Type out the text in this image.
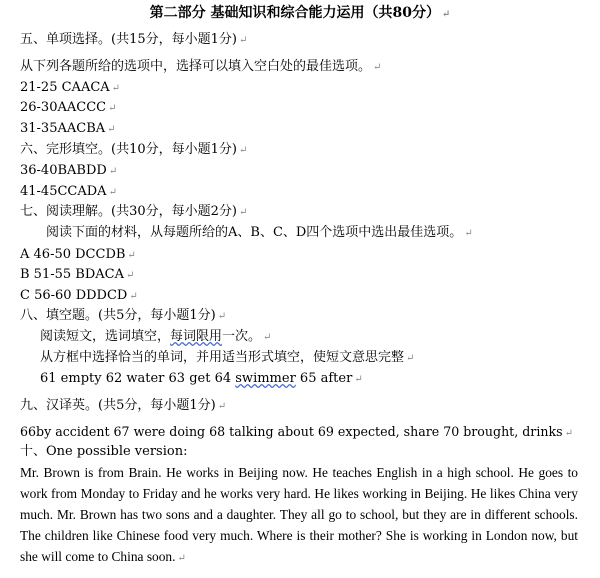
第二部分 基础知识和综合能力运用（共80分） ↵
五、单项选择。(共15分，每小题1分) ↵
从下列各题所给的选项中，选择可以填入空白处的最佳选项。 ↵
21-25 CAACA ↵
26-30AACCC ↵
31-35AACBA ↵
六、完形填空。(共10分，每小题1分) ↵
36-40BABDD ↵
41-45CCADA ↵
七、阅读理解。(共30分，每小题2分) ↵
阅读下面的材料，从每题所给的A、B、C、D四个选项中选出最佳选项。 ↵
A 46-50 DCCDB ↵
B 51-55 BDACA ↵
C 56-60 DDDCD ↵
八、填空题。(共5分，每小题1分) ↵
阅读短文，选词填空，每词限用一次。 ↵
从方框中选择恰当的单词，并用适当形式填空，使短文意思完整 ↵
61 empty 62 water 63 get 64 swimmer 65 after ↵
九、汉译英。(共5分，每小题1分) ↵
66by accident 67 were doing 68 talking about 69 expected, share 70 brought, drinks ↵
十、One possible version:
Mr. Brown is from Brain. He works in Beijing now. He teaches English in a high school. He goes to work from Monday to Friday and he works very hard. He likes working in Beijing. He likes China very much. Mr. Brown has two sons and a daughter. They all go to school, but they are in different schools. The children like Chinese food very much. Where is their mother? She is working in London now, but she will come to China soon. ↵
